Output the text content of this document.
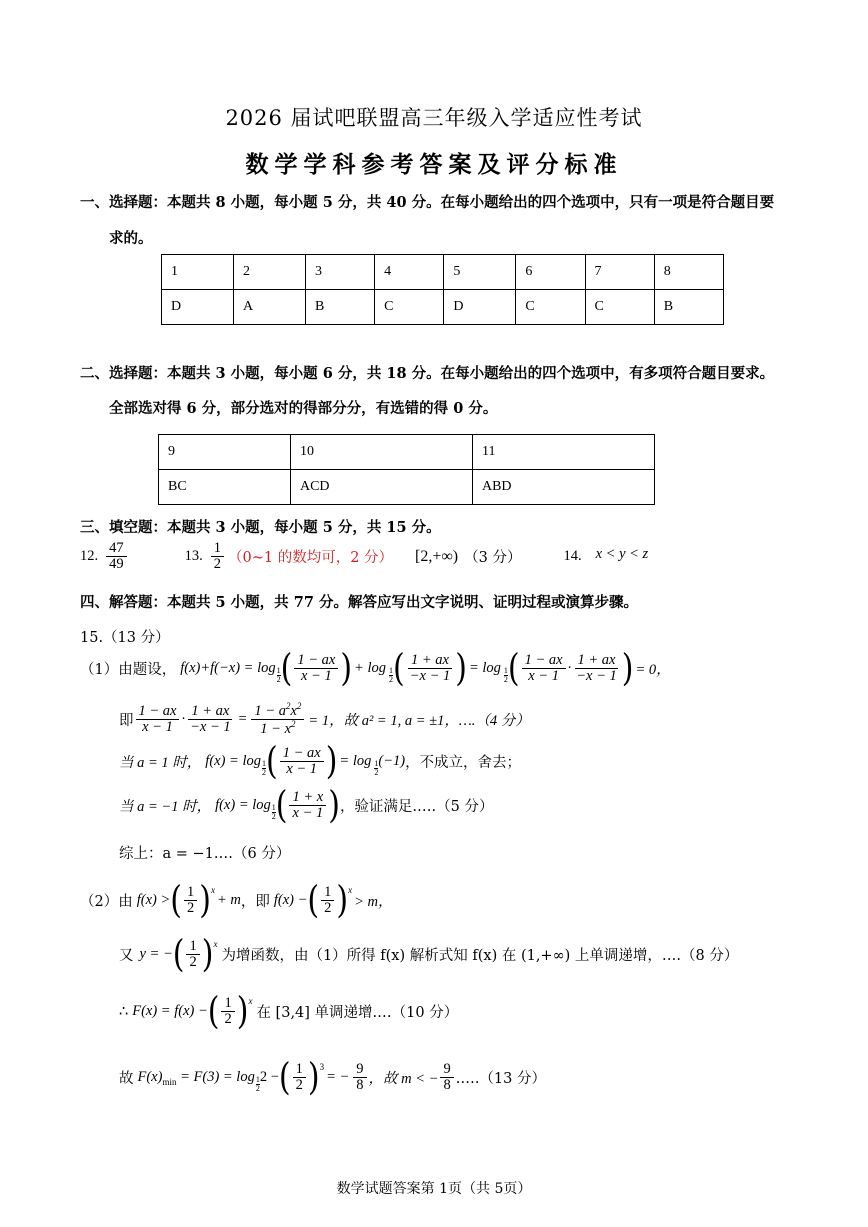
2026 届试吧联盟高三年级入学适应性考试
数学学科参考答案及评分标准
一、选择题：本题共 8 小题，每小题 5 分，共 40 分。在每小题给出的四个选项中，只有一项是符合题目要
求的。
1	2	3	4	5	6	7	8
D	A	B	C	D	C	C	B
二、选择题：本题共 3 小题，每小题 6 分，共 18 分。在每小题给出的四个选项中，有多项符合题目要求。
全部选对得 6 分，部分选对的得部分分，有选错的得 0 分。
9	10	11
BC	ACD	ABD
三、填空题：本题共 3 小题，每小题 5 分，共 15 分。
12. $\frac{47}{49}$	13. $\frac{1}{2}$ （0~1 的数均可，2 分） [2,+∞) （3 分）	14. x < y < z
四、解答题：本题共 5 小题，共 77 分。解答应写出文字说明、证明过程或演算步骤。
15.（13 分）
（1）由题设， f(x)+f(−x) = log 1
2 ( $\frac{1 - ax}{x - 1}$ ) + log 1
2 ( $\frac{1 + ax}{-x - 1}$ ) = log 1
2 ( $\frac{1 - ax}{x - 1} \cdot \frac{1 + ax}{-x - 1}$ ) = 0，
即 $\frac{1 - ax}{x - 1} \cdot \frac{1 + ax}{-x - 1} = \frac{1 - a^2x^2}{1 - x^2} = 1$，故 a² = 1, a = ±1，….（4 分）
当 a = 1 时， f(x) = log 1
2 ( $\frac{1 - ax}{x - 1}$ ) = log 1
2
(−1) ，不成立，舍去；
当 a = −1 时， f(x) = log 1
2 ( $\frac{1 + x}{x - 1}$ ) ，验证满足.….（5 分）
综上：a = −1.…（6 分）
（2）由 f(x) > ( $\frac{1}{2} )^x$
+ m ，即 f(x) − ( $\frac{1}{2} )^x$
> m，
又 y = − ( $\frac{1}{2} )^x$
为增函数，由（1）所得 f(x) 解析式知 f(x) 在 (1,+∞) 上单调递增，….（8 分）
∴ F(x) = f(x) − ( $\frac{1}{2} )^x$
在 [3,4] 单调递增.…（10 分）
故 $F(x)_{min} = F(3) = \log 1$
2
2 − ( $\frac{1}{2} )^3$
= − $\frac{9}{8}$ ，故 m < − $\frac{9}{8}$ .….（13 分）
数学试题答案第 1页（共 5页）
